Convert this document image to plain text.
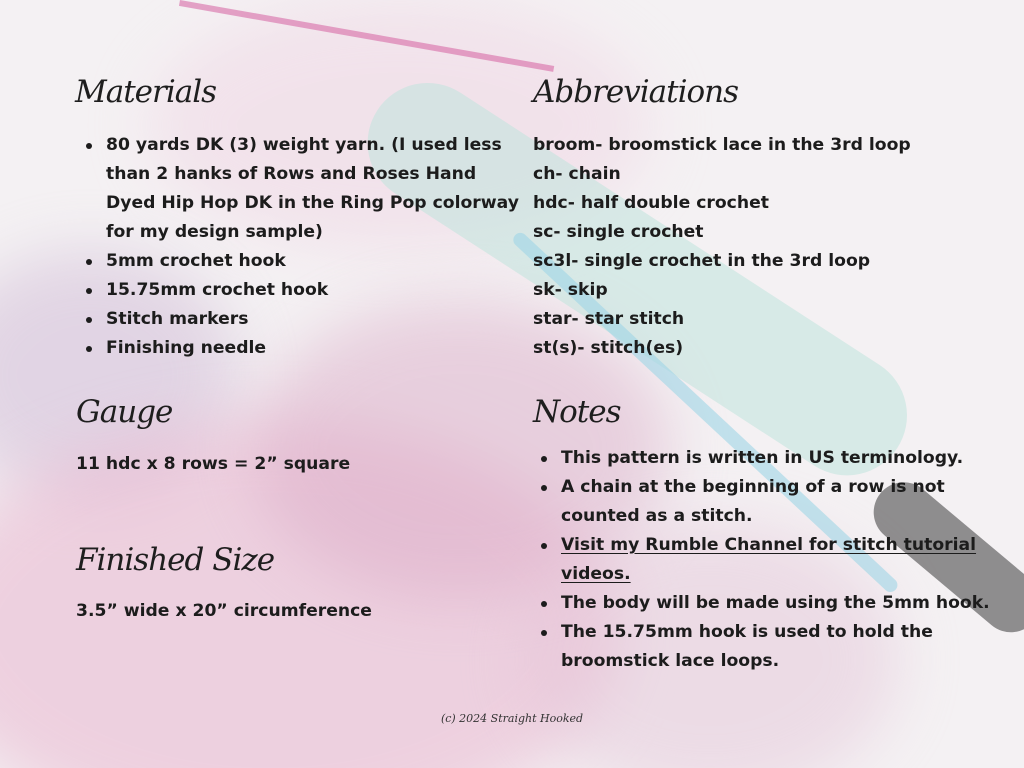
Materials
80 yards DK (3) weight yarn. (I used less than 2 hanks of Rows and Roses Hand Dyed Hip Hop DK in the Ring Pop colorway for my design sample)
5mm crochet hook
15.75mm crochet hook
Stitch markers
Finishing needle
Gauge

11 hdc x 8 rows = 2” square

Finished Size

3.5” wide x 20” circumference

Abbreviations
broom- broomstick lace in the 3rd loop
ch- chain
hdc- half double crochet
sc- single crochet
sc3l- single crochet in the 3rd loop
sk- skip
star- star stitch
st(s)- stitch(es)
Notes
This pattern is written in US terminology.
A chain at the beginning of a row is not counted as a stitch.
Visit my Rumble Channel for stitch tutorial videos.
The body will be made using the 5mm hook.
The 15.75mm hook is used to hold the broomstick lace loops.
(c) 2024 Straight Hooked
